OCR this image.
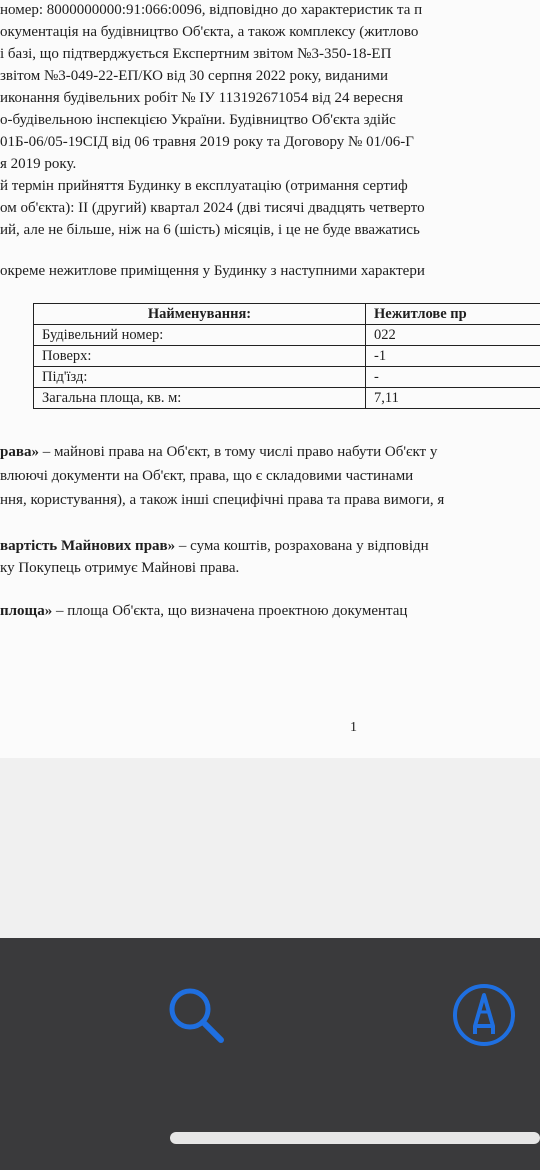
номер: 8000000000:91:066:0096, відповідно до характеристик та п
окументація на будівництво Об'єкта, а також комплексу (житлово
і базі, що підтверджується Експертним звітом №3-350-18-ЕП
звітом №3-049-22-ЕП/КО від 30 серпня 2022 року, виданими
иконання будівельних робіт № ІУ 113192671054 від 24 вересня
о-будівельною інспекцією України. Будівництво Об'єкта здійс
01Б-06/05-19СІД від 06 травня 2019 року та Договору № 01/06-Г
я 2019 року.
й термін прийняття Будинку в експлуатацію (отримання сертиф
ом об'єкта): ІІ (другий) квартал 2024 (дві тисячі двадцять четверто
ий, але не більше, ніж на 6 (шість) місяців, і це не буде вважатись
окреме нежитлове приміщення у Будинку з наступними характери
Найменування:	Нежитлове пр
Будівельний номер:	022
Поверх:	-1
Під'їзд:	-
Загальна площа, кв. м:	7,11
рава» – майнові права на Об'єкт, в тому числі право набути Об'єкт у
влюючі документи на Об'єкт, права, що є складовими частинами
ння, користування), а також інші специфічні права та права вимоги, я
вартість Майнових прав» – сума коштів, розрахована у відповідн
ку Покупець отримує Майнові права.
площа» – площа Об'єкта, що визначена проектною документац
1
